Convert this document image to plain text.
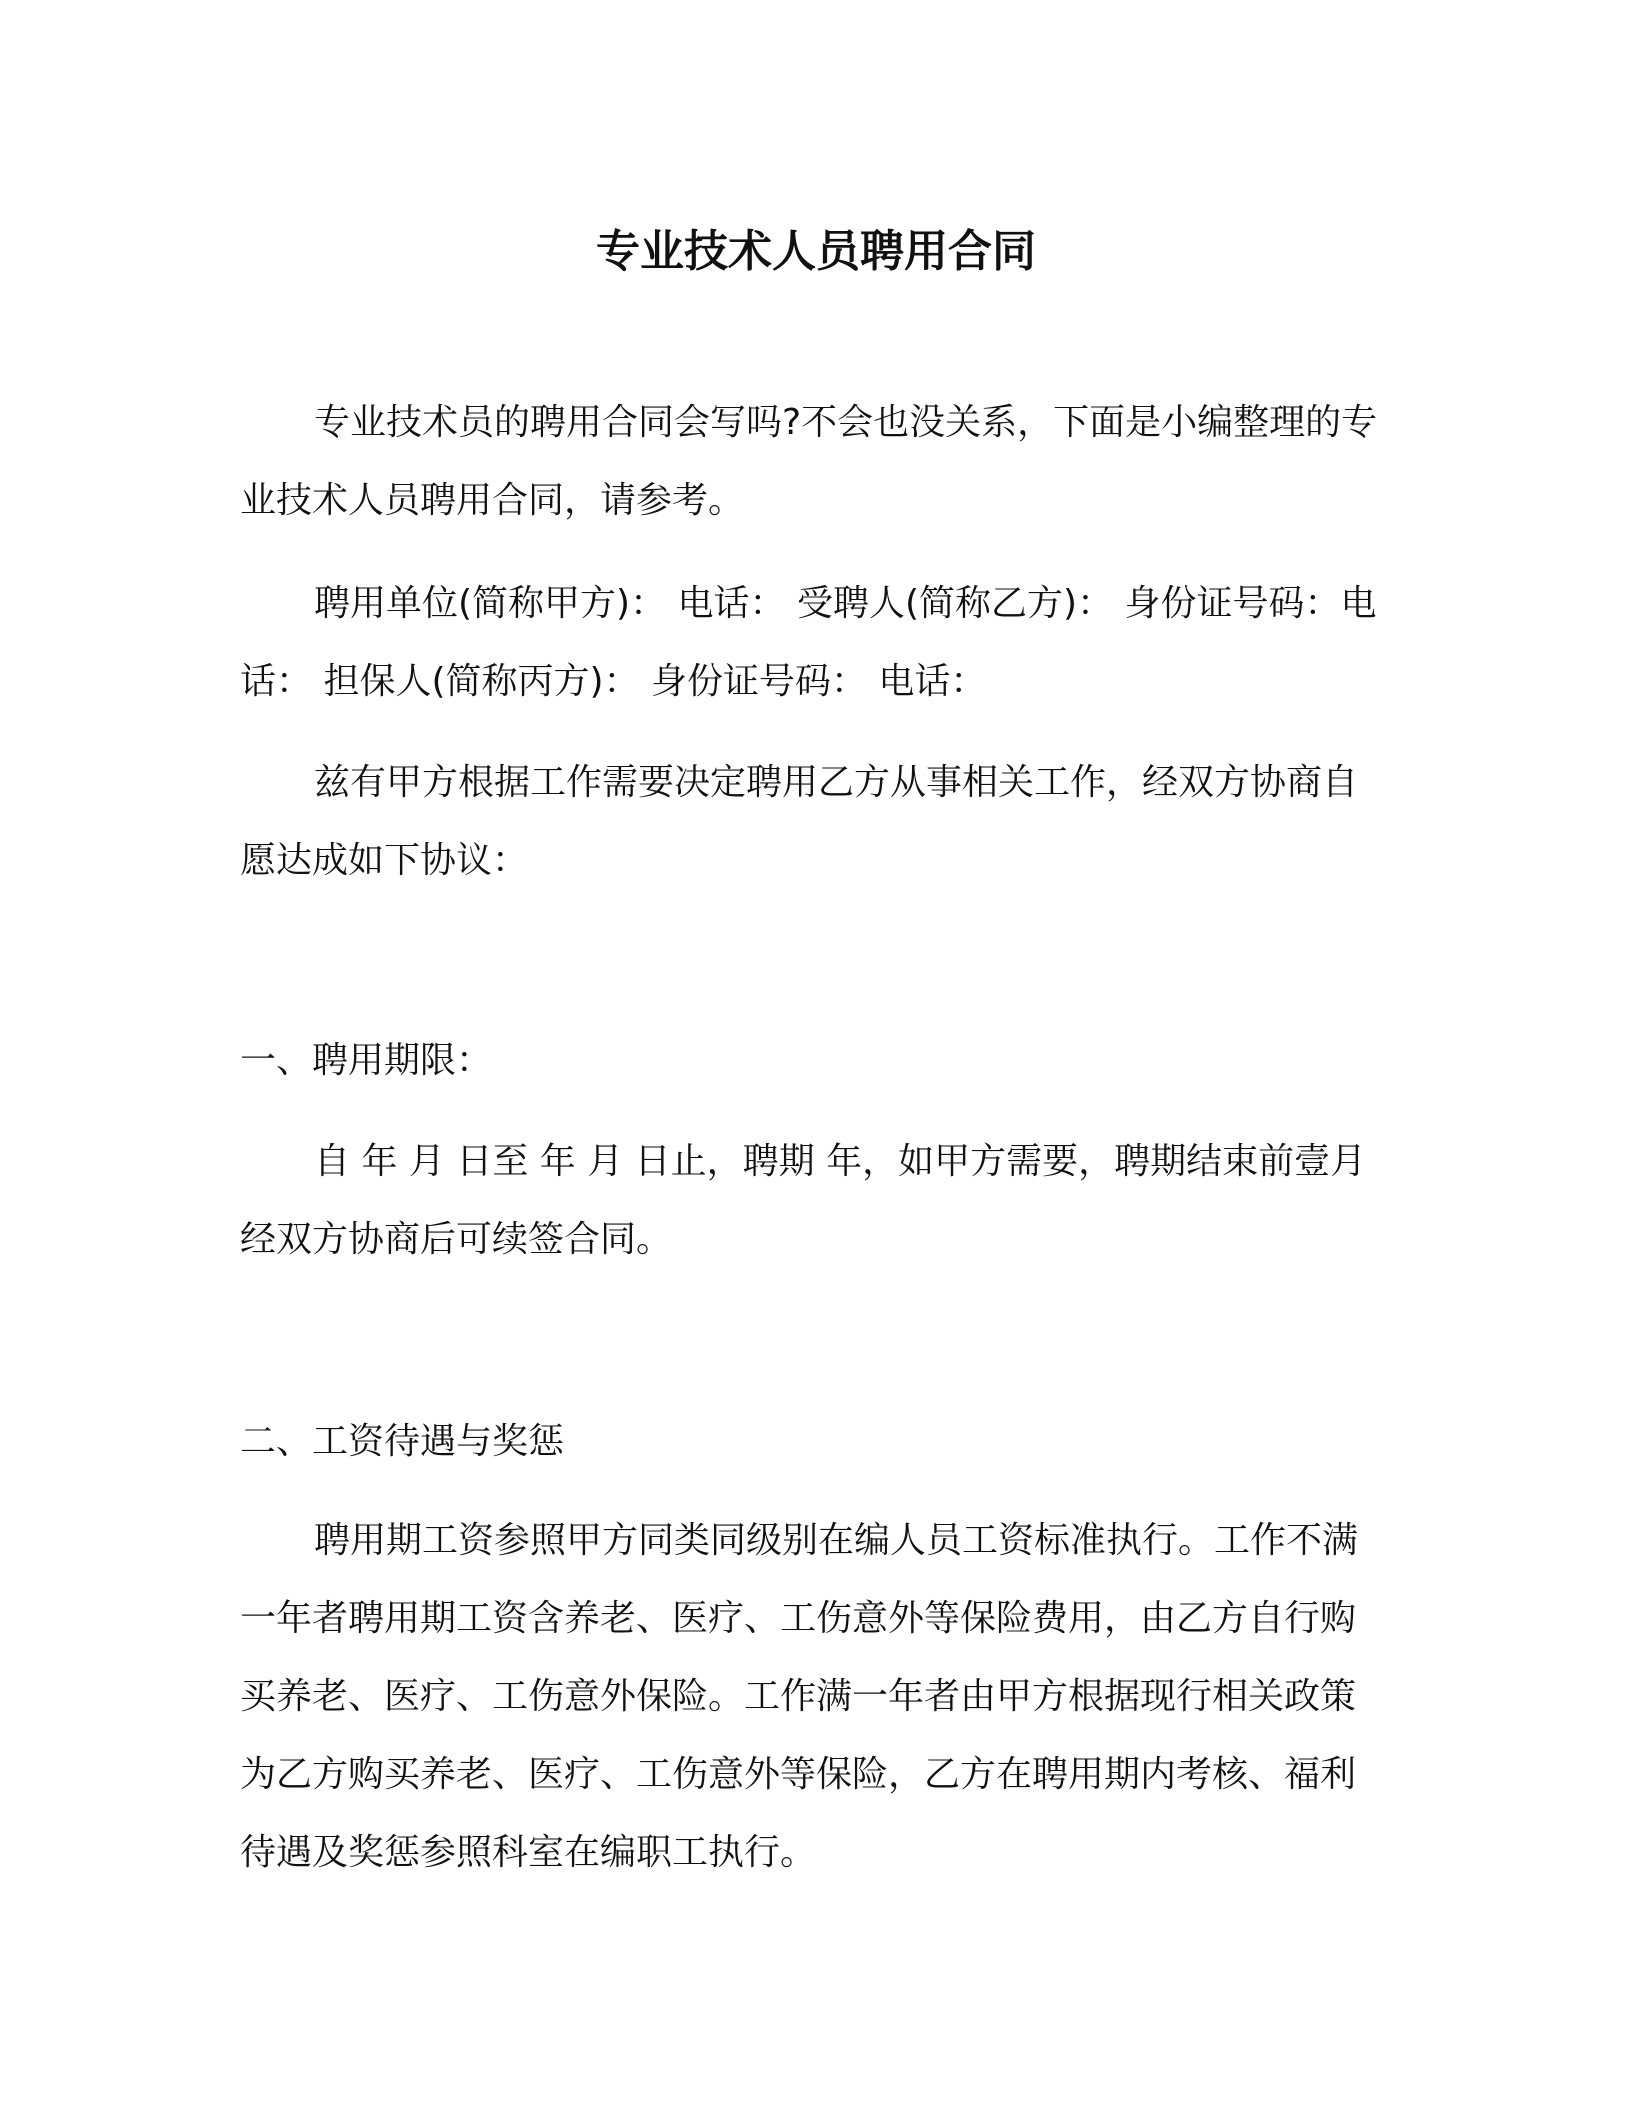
专业技术人员聘用合同

专业技术员的聘用合同会写吗?不会也没关系，下面是小编整理的专业技术人员聘用合同，请参考。

聘用单位(简称甲方)： 电话： 受聘人(简称乙方)： 身份证号码：电话： 担保人(简称丙方)： 身份证号码： 电话：

兹有甲方根据工作需要决定聘用乙方从事相关工作，经双方协商自愿达成如下协议：

一、聘用期限：

自 年 月 日至 年 月 日止，聘期 年，如甲方需要，聘期结束前壹月经双方协商后可续签合同。

二、工资待遇与奖惩

聘用期工资参照甲方同类同级别在编人员工资标准执行。工作不满一年者聘用期工资含养老、医疗、工伤意外等保险费用，由乙方自行购买养老、医疗、工伤意外保险。工作满一年者由甲方根据现行相关政策为乙方购买养老、医疗、工伤意外等保险，乙方在聘用期内考核、福利待遇及奖惩参照科室在编职工执行。
